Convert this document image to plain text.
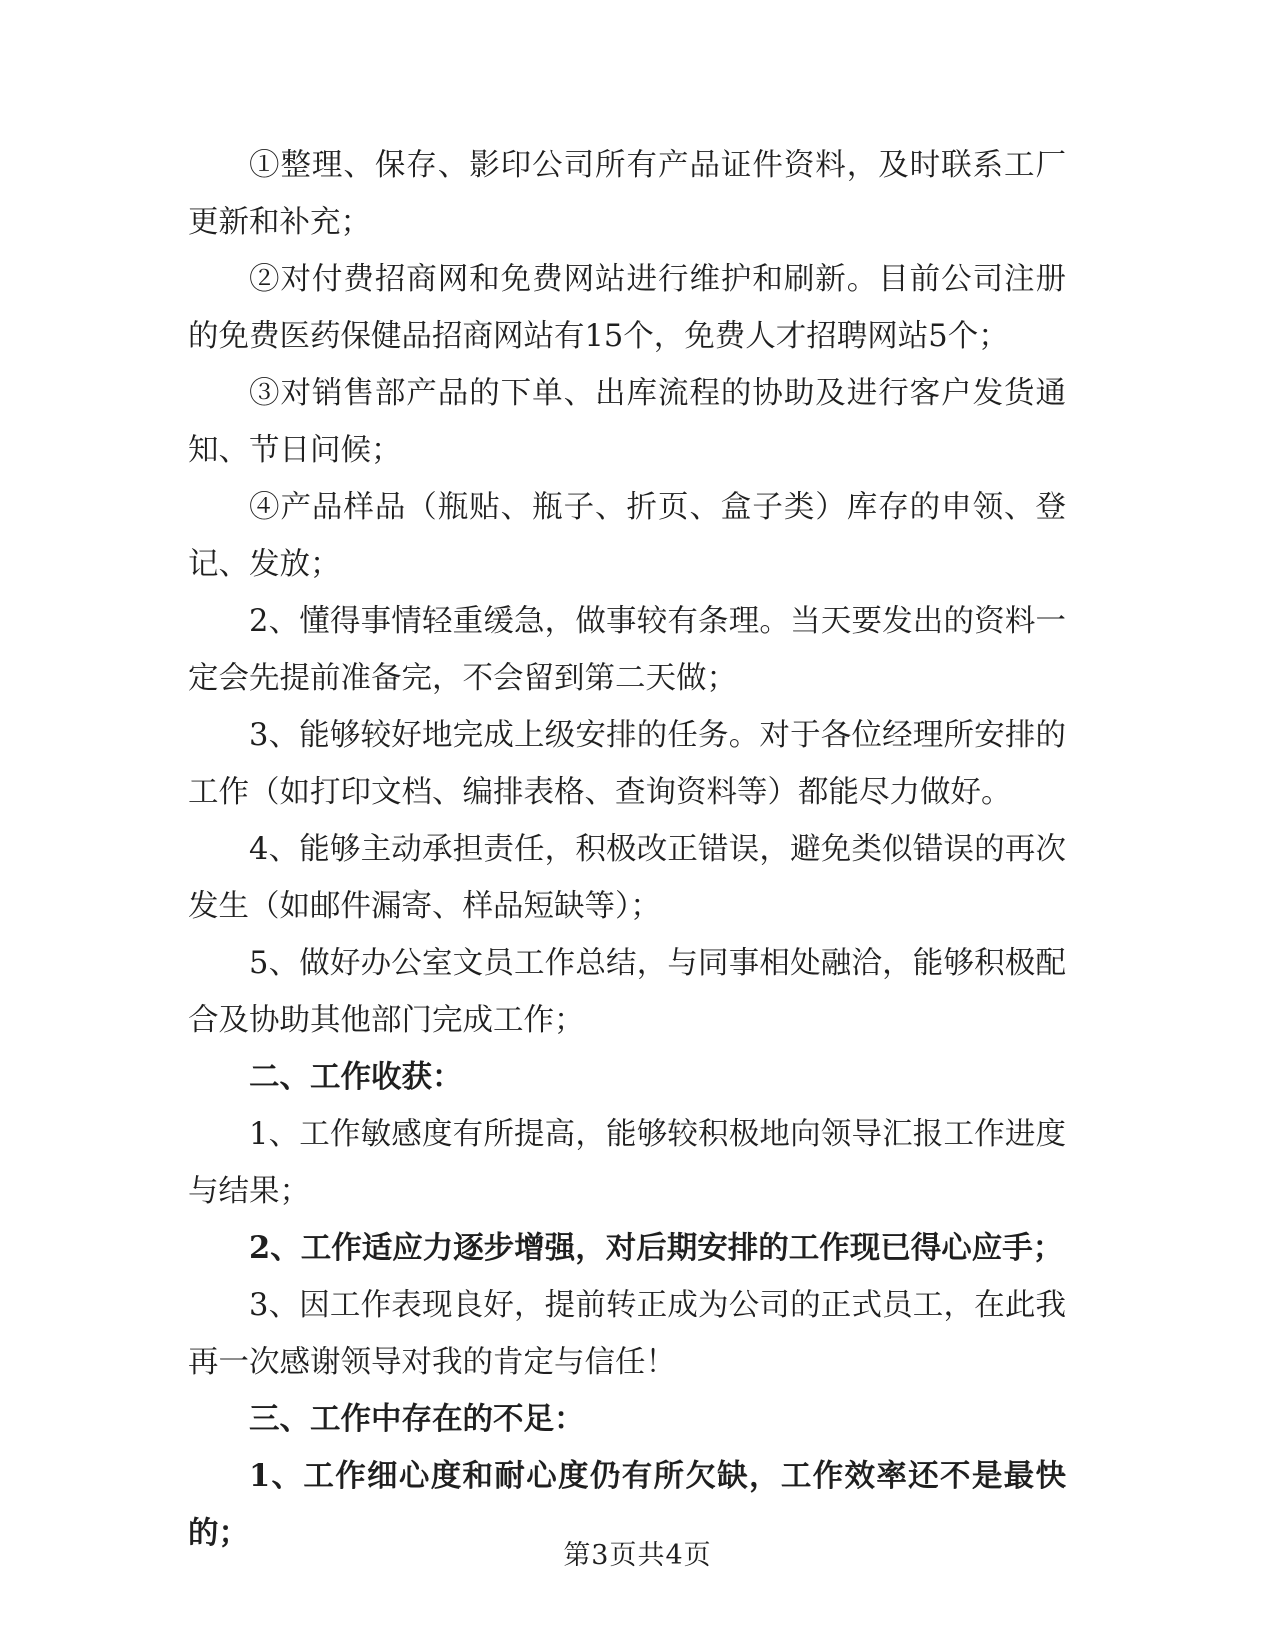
①整理、保存、影印公司所有产品证件资料，及时联系工厂更新和补充；

②对付费招商网和免费网站进行维护和刷新。目前公司注册的免费医药保健品招商网站有15个，免费人才招聘网站5个；

③对销售部产品的下单、出库流程的协助及进行客户发货通知、节日问候；

④产品样品（瓶贴、瓶子、折页、盒子类）库存的申领、登记、发放；

2、懂得事情轻重缓急，做事较有条理。当天要发出的资料一定会先提前准备完，不会留到第二天做；

3、能够较好地完成上级安排的任务。对于各位经理所安排的工作（如打印文档、编排表格、查询资料等）都能尽力做好。

4、能够主动承担责任，积极改正错误，避免类似错误的再次发生（如邮件漏寄、样品短缺等）；

5、做好办公室文员工作总结，与同事相处融洽，能够积极配合及协助其他部门完成工作；

二、工作收获：

1、工作敏感度有所提高，能够较积极地向领导汇报工作进度与结果；

2、工作适应力逐步增强，对后期安排的工作现已得心应手；

3、因工作表现良好，提前转正成为公司的正式员工，在此我再一次感谢领导对我的肯定与信任！

三、工作中存在的不足：

1、工作细心度和耐心度仍有所欠缺，工作效率还不是最快的；

第3页共4页
